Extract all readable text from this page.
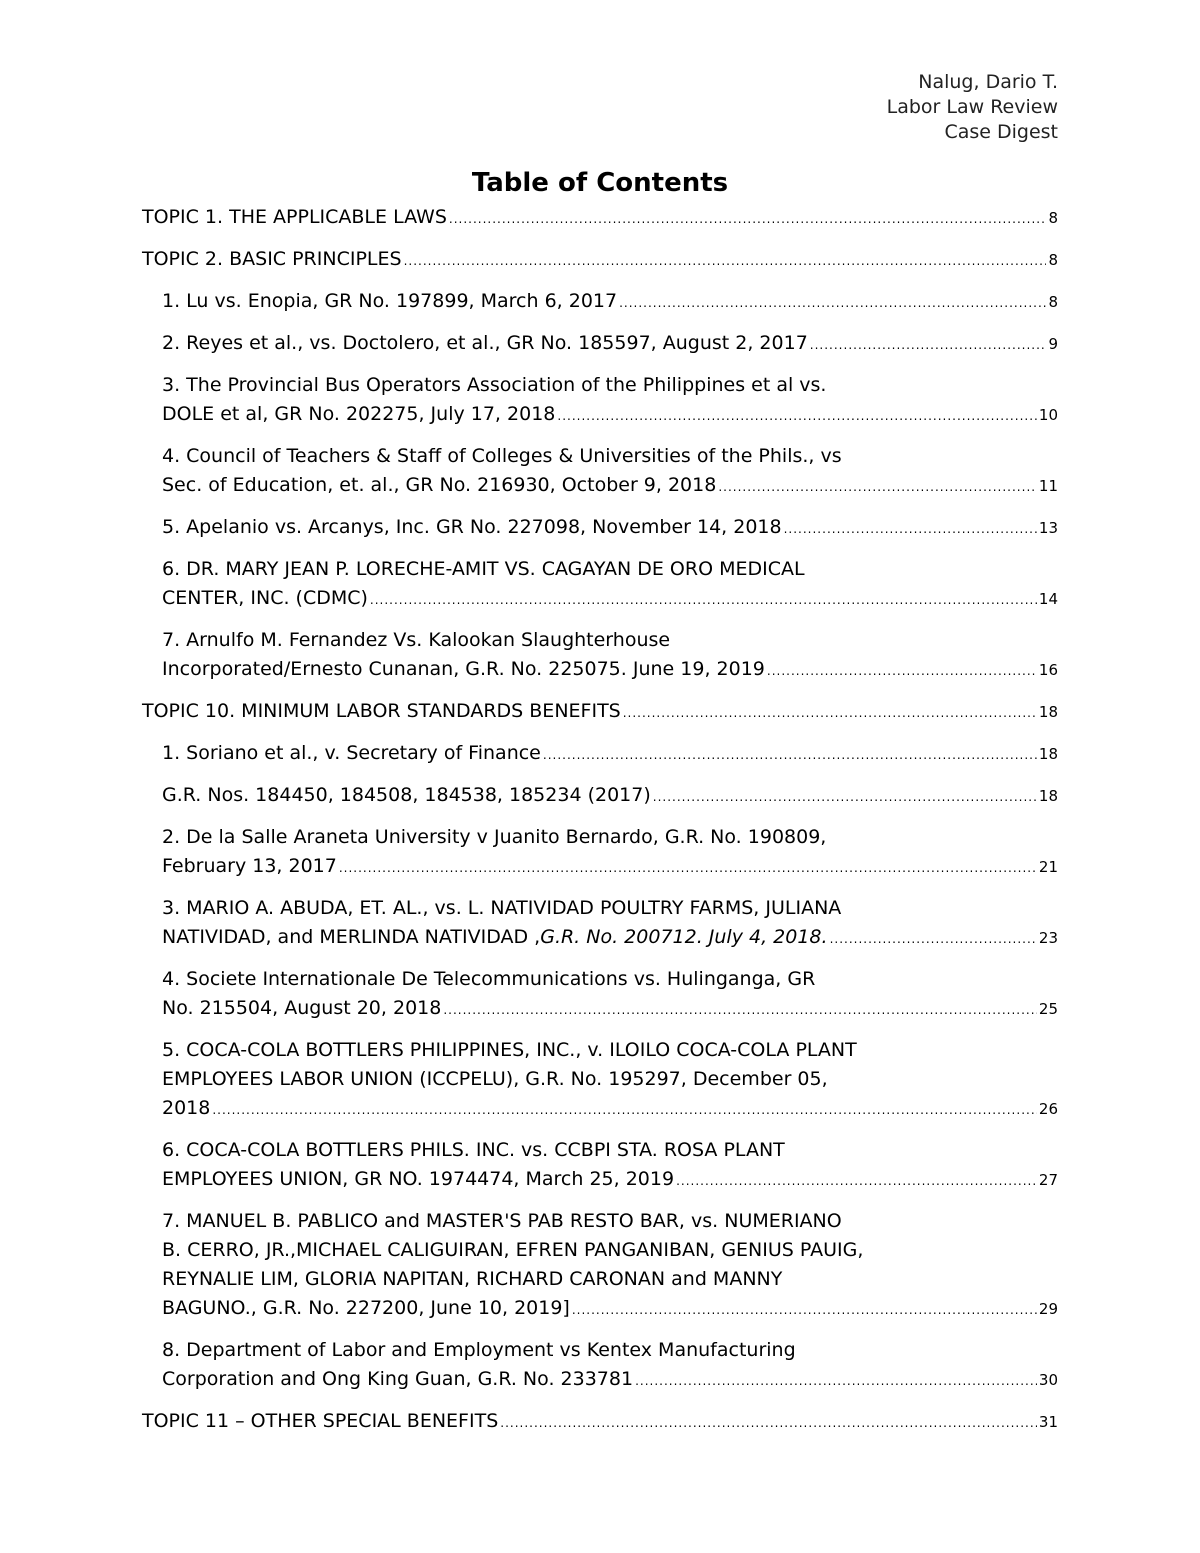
Nalug, Dario T.
Labor Law Review
Case Digest
Table of Contents
TOPIC 1. THE APPLICABLE LAWS .....	8
TOPIC 2. BASIC PRINCIPLES .....	8
1. Lu vs. Enopia, GR No. 197899, March 6, 2017 .....	8
2. Reyes et al., vs. Doctolero, et al., GR No. 185597, August 2, 2017 .....	9
3. The Provincial Bus Operators Association of the Philippines et al vs.
DOLE et al, GR No. 202275, July 17, 2018 .....	10
4. Council of Teachers & Staff of Colleges & Universities of the Phils., vs
Sec. of Education, et. al., GR No. 216930, October 9, 2018 .....	11
5. Apelanio vs. Arcanys, Inc. GR No. 227098, November 14, 2018 .....	13
6. DR. MARY JEAN P. LORECHE-AMIT VS. CAGAYAN DE ORO MEDICAL
CENTER, INC. (CDMC) .....	14
7. Arnulfo M. Fernandez Vs. Kalookan Slaughterhouse
Incorporated/Ernesto Cunanan, G.R. No. 225075. June 19, 2019 .....	16
TOPIC 10. MINIMUM LABOR STANDARDS BENEFITS .....	18
1. Soriano et al., v. Secretary of Finance .....	18
G.R. Nos. 184450, 184508, 184538, 185234 (2017) .....	18
2. De la Salle Araneta University v Juanito Bernardo, G.R. No. 190809,
February 13, 2017 .....	21
3. MARIO A. ABUDA, ET. AL., vs. L. NATIVIDAD POULTRY FARMS, JULIANA
NATIVIDAD, and MERLINDA NATIVIDAD , G.R. No. 200712. July 4, 2018. .....	23
4. Societe Internationale De Telecommunications vs. Hulinganga, GR
No. 215504, August 20, 2018 .....	25
5. COCA-COLA BOTTLERS PHILIPPINES, INC., v. ILOILO COCA-COLA PLANT
EMPLOYEES LABOR UNION (ICCPELU), G.R. No. 195297, December 05,
2018 .....	26
6. COCA-COLA BOTTLERS PHILS. INC. vs. CCBPI STA. ROSA PLANT
EMPLOYEES UNION, GR NO. 1974474, March 25, 2019 .....	27
7. MANUEL B. PABLICO and MASTER'S PAB RESTO BAR, vs. NUMERIANO
B. CERRO, JR.,MICHAEL CALIGUIRAN, EFREN PANGANIBAN, GENIUS PAUIG,
REYNALIE LIM, GLORIA NAPITAN, RICHARD CARONAN and MANNY
BAGUNO., G.R. No. 227200, June 10, 2019] .....	29
8. Department of Labor and Employment vs Kentex Manufacturing
Corporation and Ong King Guan, G.R. No. 233781 .....	30
TOPIC 11 – OTHER SPECIAL BENEFITS .....	31
